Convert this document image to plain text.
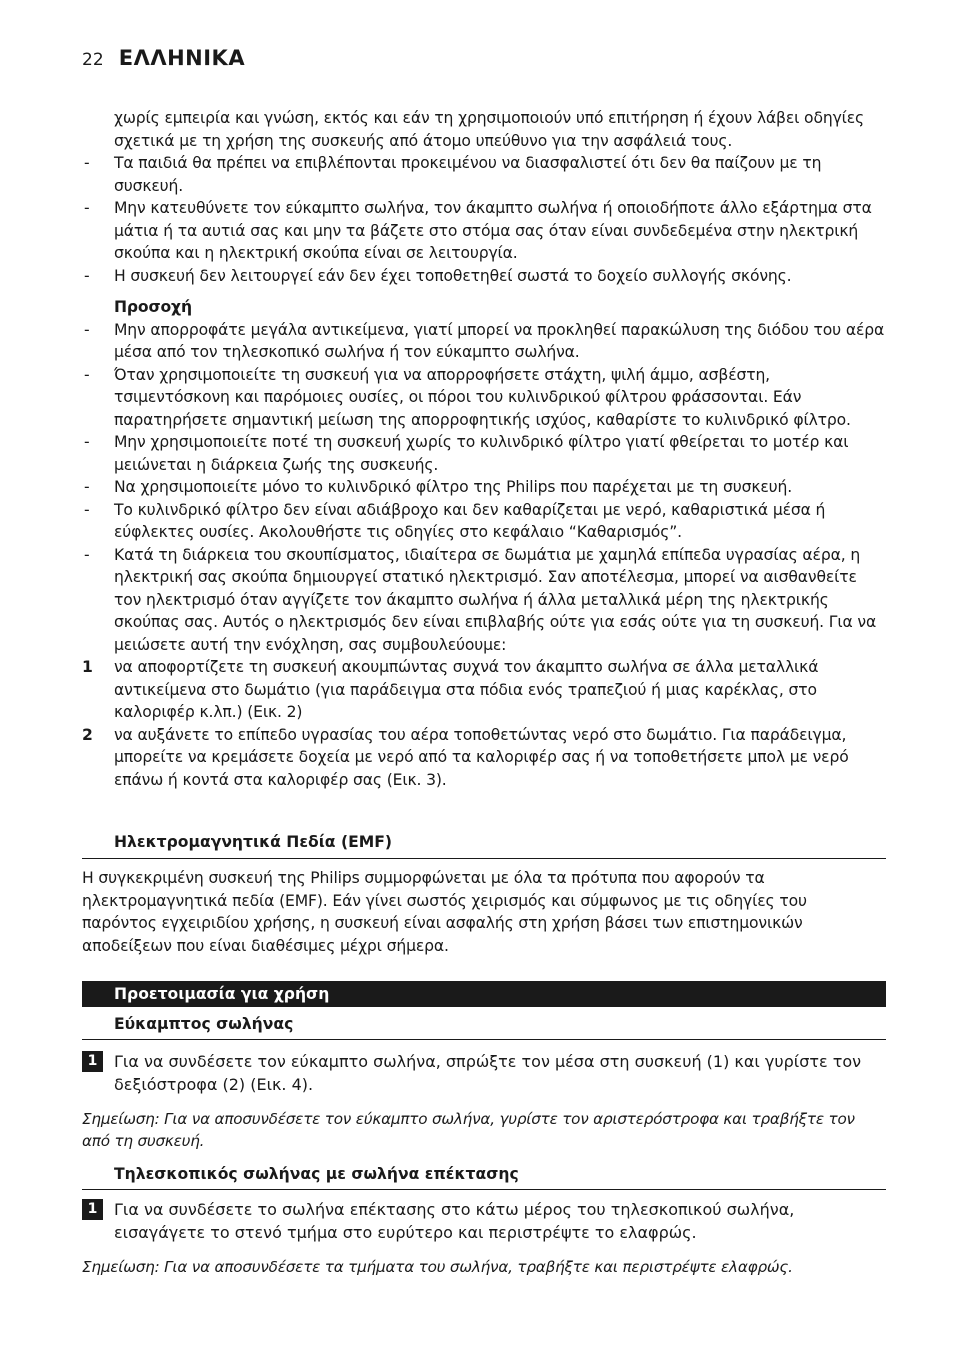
22 ΕΛΛΗΝΙΚΑ

χωρίς εμπειρία και γνώση, εκτός και εάν τη χρησιμοποιούν υπό επιτήρηση ή έχουν λάβει οδηγίες σχετικά με τη χρήση της συσκευής από άτομο υπεύθυνο για την ασφάλειά τους.

- Τα παιδιά θα πρέπει να επιβλέπονται προκειμένου να διασφαλιστεί ότι δεν θα παίζουν με τη συσκευή.

- Μην κατευθύνετε τον εύκαμπτο σωλήνα, τον άκαμπτο σωλήνα ή οποιοδήποτε άλλο εξάρτημα στα μάτια ή τα αυτιά σας και μην τα βάζετε στο στόμα σας όταν είναι συνδεδεμένα στην ηλεκτρική σκούπα και η ηλεκτρική σκούπα είναι σε λειτουργία.

- Η συσκευή δεν λειτουργεί εάν δεν έχει τοποθετηθεί σωστά το δοχείο συλλογής σκόνης.

Προσοχή

- Μην απορροφάτε μεγάλα αντικείμενα, γιατί μπορεί να προκληθεί παρακώλυση της διόδου του αέρα μέσα από τον τηλεσκοπικό σωλήνα ή τον εύκαμπτο σωλήνα.

- Όταν χρησιμοποιείτε τη συσκευή για να απορροφήσετε στάχτη, ψιλή άμμο, ασβέστη, τσιμεντόσκονη και παρόμοιες ουσίες, οι πόροι του κυλινδρικού φίλτρου φράσσονται. Εάν παρατηρήσετε σημαντική μείωση της απορροφητικής ισχύος, καθαρίστε το κυλινδρικό φίλτρο.

- Μην χρησιμοποιείτε ποτέ τη συσκευή χωρίς το κυλινδρικό φίλτρο γιατί φθείρεται το μοτέρ και μειώνεται η διάρκεια ζωής της συσκευής.

- Να χρησιμοποιείτε μόνο το κυλινδρικό φίλτρο της Philips που παρέχεται με τη συσκευή.

- Το κυλινδρικό φίλτρο δεν είναι αδιάβροχο και δεν καθαρίζεται με νερό, καθαριστικά μέσα ή εύφλεκτες ουσίες. Ακολουθήστε τις οδηγίες στο κεφάλαιο “Καθαρισμός”.

- Κατά τη διάρκεια του σκουπίσματος, ιδιαίτερα σε δωμάτια με χαμηλά επίπεδα υγρασίας αέρα, η ηλεκτρική σας σκούπα δημιουργεί στατικό ηλεκτρισμό. Σαν αποτέλεσμα, μπορεί να αισθανθείτε τον ηλεκτρισμό όταν αγγίζετε τον άκαμπτο σωλήνα ή άλλα μεταλλικά μέρη της ηλεκτρικής σκούπας σας. Αυτός ο ηλεκτρισμός δεν είναι επιβλαβής ούτε για εσάς ούτε για τη συσκευή. Για να μειώσετε αυτή την ενόχληση, σας συμβουλεύουμε:

1 να αποφορτίζετε τη συσκευή ακουμπώντας συχνά τον άκαμπτο σωλήνα σε άλλα μεταλλικά αντικείμενα στο δωμάτιο (για παράδειγμα στα πόδια ενός τραπεζιού ή μιας καρέκλας, στο καλοριφέρ κ.λπ.) (Εικ. 2)

2 να αυξάνετε το επίπεδο υγρασίας του αέρα τοποθετώντας νερό στο δωμάτιο. Για παράδειγμα, μπορείτε να κρεμάσετε δοχεία με νερό από τα καλοριφέρ σας ή να τοποθετήσετε μπολ με νερό επάνω ή κοντά στα καλοριφέρ σας (Εικ. 3).

Ηλεκτρομαγνητικά Πεδία (EMF)

Η συγκεκριμένη συσκευή της Philips συμμορφώνεται με όλα τα πρότυπα που αφορούν τα ηλεκτρομαγνητικά πεδία (EMF). Εάν γίνει σωστός χειρισμός και σύμφωνος με τις οδηγίες του παρόντος εγχειριδίου χρήσης, η συσκευή είναι ασφαλής στη χρήση βάσει των επιστημονικών αποδείξεων που είναι διαθέσιμες μέχρι σήμερα.

Προετοιμασία για χρήση
Εύκαμπτος σωλήνας
1	Για να συνδέσετε τον εύκαμπτο σωλήνα, σπρώξτε τον μέσα στη συσκευή (1) και γυρίστε τον δεξιόστροφα (2) (Εικ. 4).
Σημείωση: Για να αποσυνδέσετε τον εύκαμπτο σωλήνα, γυρίστε τον αριστερόστροφα και τραβήξτε τον από τη συσκευή.
Τηλεσκοπικός σωλήνας με σωλήνα επέκτασης
1	Για να συνδέσετε το σωλήνα επέκτασης στο κάτω μέρος του τηλεσκοπικού σωλήνα, εισαγάγετε το στενό τμήμα στο ευρύτερο και περιστρέψτε το ελαφρώς.
Σημείωση: Για να αποσυνδέσετε τα τμήματα του σωλήνα, τραβήξτε και περιστρέψτε ελαφρώς.
